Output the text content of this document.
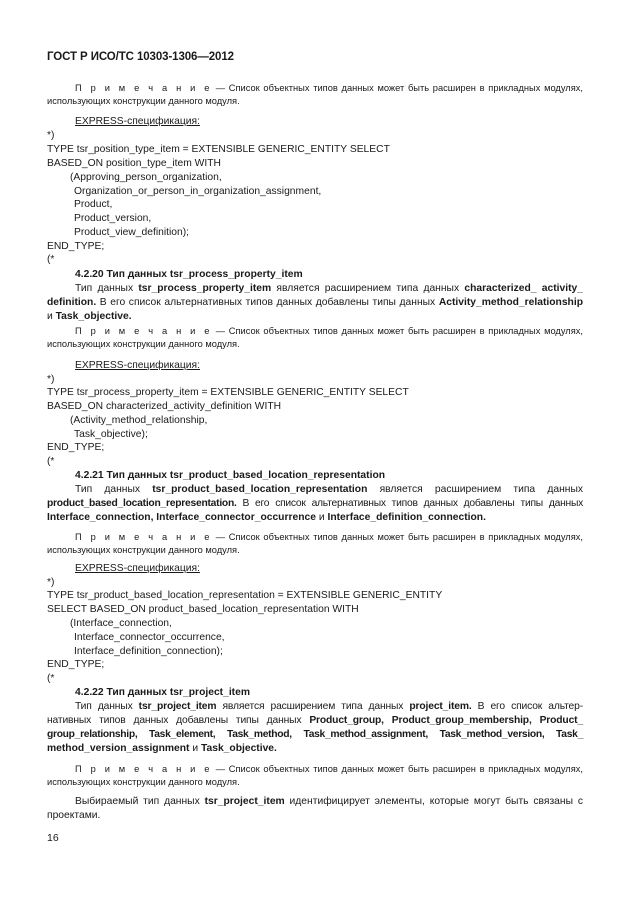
ГОСТ Р ИСО/ТС 10303-1306—2012
П р и м е ч а н и е — Список объектных типов данных может быть расширен в прикладных модулях,
использующих конструкции данного модуля.
EXPRESS-спецификация:
*)
TYPE tsr_position_type_item = EXTENSIBLE GENERIC_ENTITY SELECT
BASED_ON position_type_item WITH
(Approving_person_organization,
Organization_or_person_in_organization_assignment,
Product,
Product_version,
Product_view_definition);
END_TYPE;
(*
4.2.20 Тип данных tsr_process_property_item
Тип данных tsr_process_property_item является расширением типа данных characterized_ activity_
definition. В его список альтернативных типов данных добавлены типы данных Activity_method_relationship
и Task_objective.
П р и м е ч а н и е — Список объектных типов данных может быть расширен в прикладных модулях,
использующих конструкции данного модуля.
EXPRESS-спецификация:
*)
TYPE tsr_process_property_item = EXTENSIBLE GENERIC_ENTITY SELECT
BASED_ON characterized_activity_definition WITH
(Activity_method_relationship,
Task_objective);
END_TYPE;
(*
4.2.21 Тип данных tsr_product_based_location_representation
Тип данных tsr_product_based_location_representation является расширением типа данных
product_based_location_representation. В его список альтернативных типов данных добавлены типы данных
Interface_connection, Interface_connector_occurrence и Interface_definition_connection.
П р и м е ч а н и е — Список объектных типов данных может быть расширен в прикладных модулях,
использующих конструкции данного модуля.
EXPRESS-спецификация:
*)
TYPE tsr_product_based_location_representation = EXTENSIBLE GENERIC_ENTITY
SELECT BASED_ON product_based_location_representation WITH
(Interface_connection,
Interface_connector_occurrence,
Interface_definition_connection);
END_TYPE;
(*
4.2.22 Тип данных tsr_project_item
Тип данных tsr_project_item является расширением типа данных project_item. В его список альтер-
нативных типов данных добавлены типы данных Product_group, Product_group_membership, Product_
group_relationship, Task_element, Task_method, Task_method_assignment, Task_method_version, Task_
method_version_assignment и Task_objective.
П р и м е ч а н и е — Список объектных типов данных может быть расширен в прикладных модулях,
использующих конструкции данного модуля.
Выбираемый тип данных tsr_project_item идентифицирует элементы, которые могут быть связаны с
проектами.
16
